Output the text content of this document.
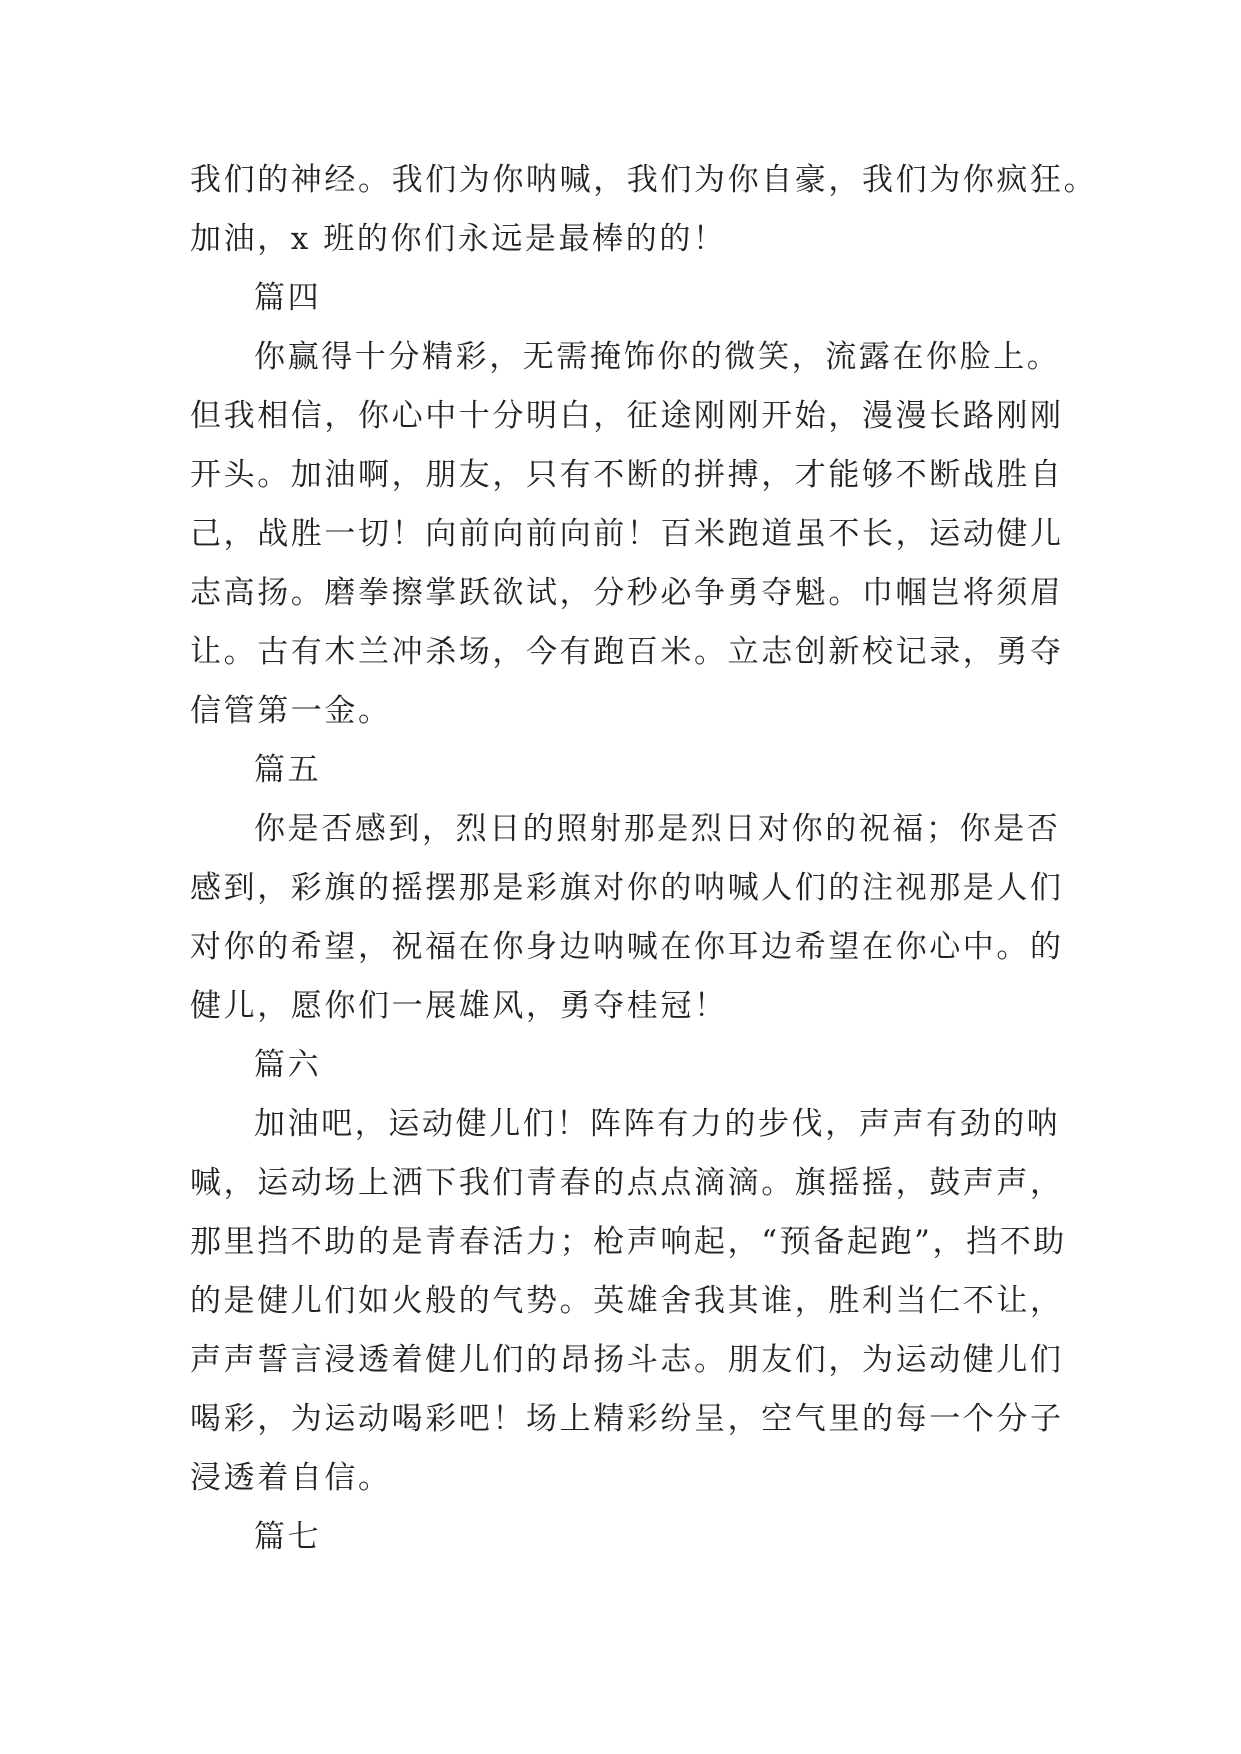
我们的神经。我们为你呐喊，我们为你自豪，我们为你疯狂。
加油，x 班的你们永远是最棒的的！
篇四
你赢得十分精彩，无需掩饰你的微笑，流露在你脸上。
但我相信，你心中十分明白，征途刚刚开始，漫漫长路刚刚
开头。加油啊，朋友，只有不断的拼搏，才能够不断战胜自
己，战胜一切！向前向前向前！百米跑道虽不长，运动健儿
志高扬。磨拳擦掌跃欲试，分秒必争勇夺魁。巾帼岂将须眉
让。古有木兰冲杀场，今有跑百米。立志创新校记录，勇夺
信管第一金。
篇五
你是否感到，烈日的照射那是烈日对你的祝福；你是否
感到，彩旗的摇摆那是彩旗对你的呐喊人们的注视那是人们
对你的希望，祝福在你身边呐喊在你耳边希望在你心中。的
健儿，愿你们一展雄风，勇夺桂冠！
篇六
加油吧，运动健儿们！阵阵有力的步伐，声声有劲的呐
喊，运动场上洒下我们青春的点点滴滴。旗摇摇，鼓声声，
那里挡不助的是青春活力；枪声响起，“预备起跑”，挡不助
的是健儿们如火般的气势。英雄舍我其谁，胜利当仁不让，
声声誓言浸透着健儿们的昂扬斗志。朋友们，为运动健儿们
喝彩，为运动喝彩吧！场上精彩纷呈，空气里的每一个分子
浸透着自信。
篇七
